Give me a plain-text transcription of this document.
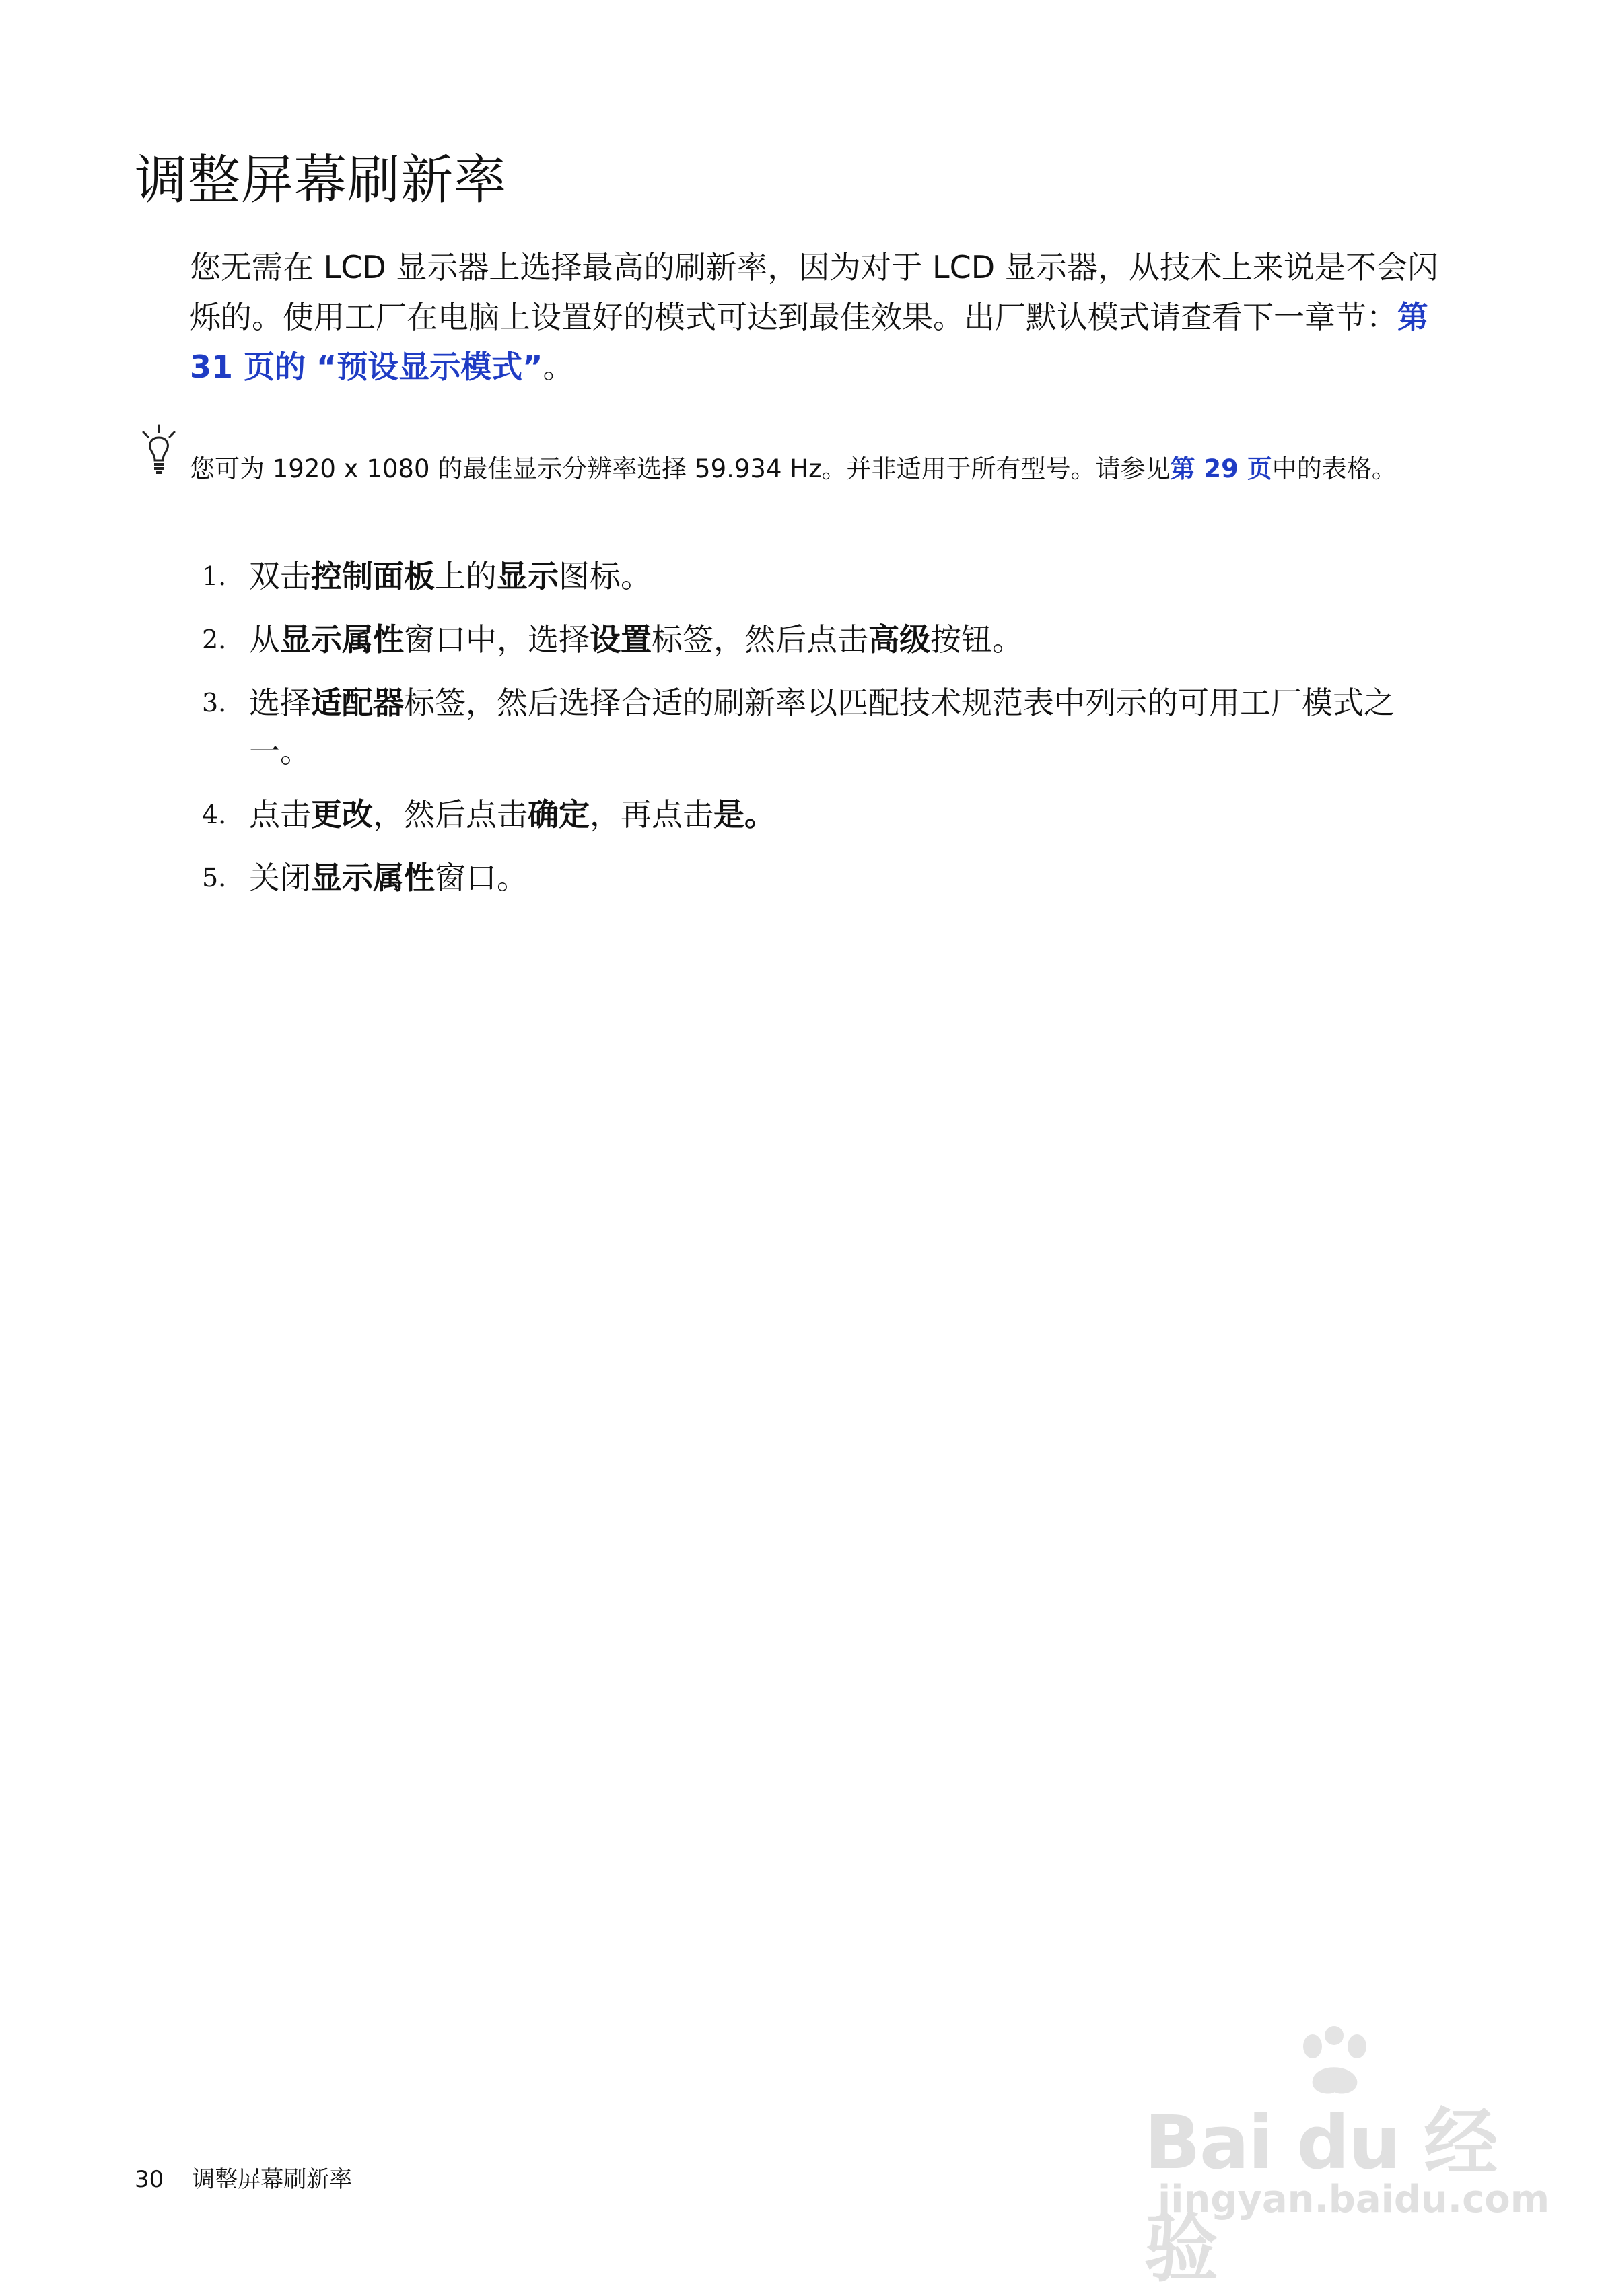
调整屏幕刷新率

您无需在 LCD 显示器上选择最高的刷新率，因为对于 LCD 显示器，从技术上来说是不会闪烁的。使用工厂在电脑上设置好的模式可达到最佳效果。出厂默认模式请查看下一章节：第 31 页的 “预设显示模式”。

您可为 1920 x 1080 的最佳显示分辨率选择 59.934 Hz。并非适用于所有型号。请参见第 29 页中的表格。

1. 双击控制面板上的显示图标。
2. 从显示属性窗口中，选择设置标签，然后点击高级按钮。
3. 选择适配器标签，然后选择合适的刷新率以匹配技术规范表中列示的可用工厂模式之一。
4. 点击更改，然后点击确定，再点击是。
5. 关闭显示属性窗口。
30 调整屏幕刷新率	Bai du 经验
jingyan.baidu.com
